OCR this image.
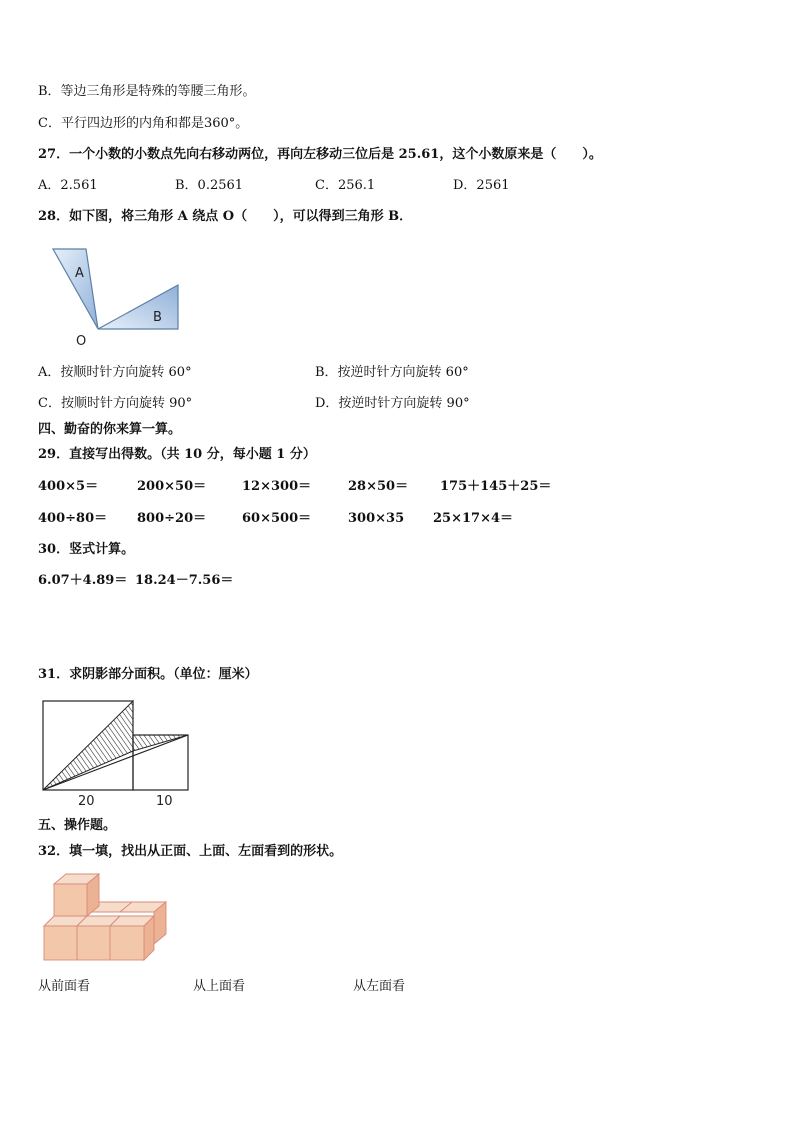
B．等边三角形是特殊的等腰三角形。
C．平行四边形的内角和都是360°。
27．一个小数的小数点先向右移动两位，再向左移动三位后是 25.61，这个小数原来是（　　）。
A．2.561	B．0.2561	C．256.1	D．2561
28．如下图，将三角形 A 绕点 O（　　），可以得到三角形 B．
A
B
O
A．按顺时针方向旋转 60°	B．按逆时针方向旋转 60°
C．按顺时针方向旋转 90°	D．按逆时针方向旋转 90°
四、勤奋的你来算一算。
29．直接写出得数。（共 10 分，每小题 1 分）
400×5＝	200×50＝	12×300＝	28×50＝ 175＋145＋25＝
400÷80＝ 800÷20＝	60×500＝	300×35 25×17×4＝
30．竖式计算。
6.07＋4.89＝ 18.24－7.56＝
31．求阴影部分面积。（单位：厘米）
20	10
五、操作题。
32．填一填，找出从正面、上面、左面看到的形状。
从前面看	从上面看	从左面看
